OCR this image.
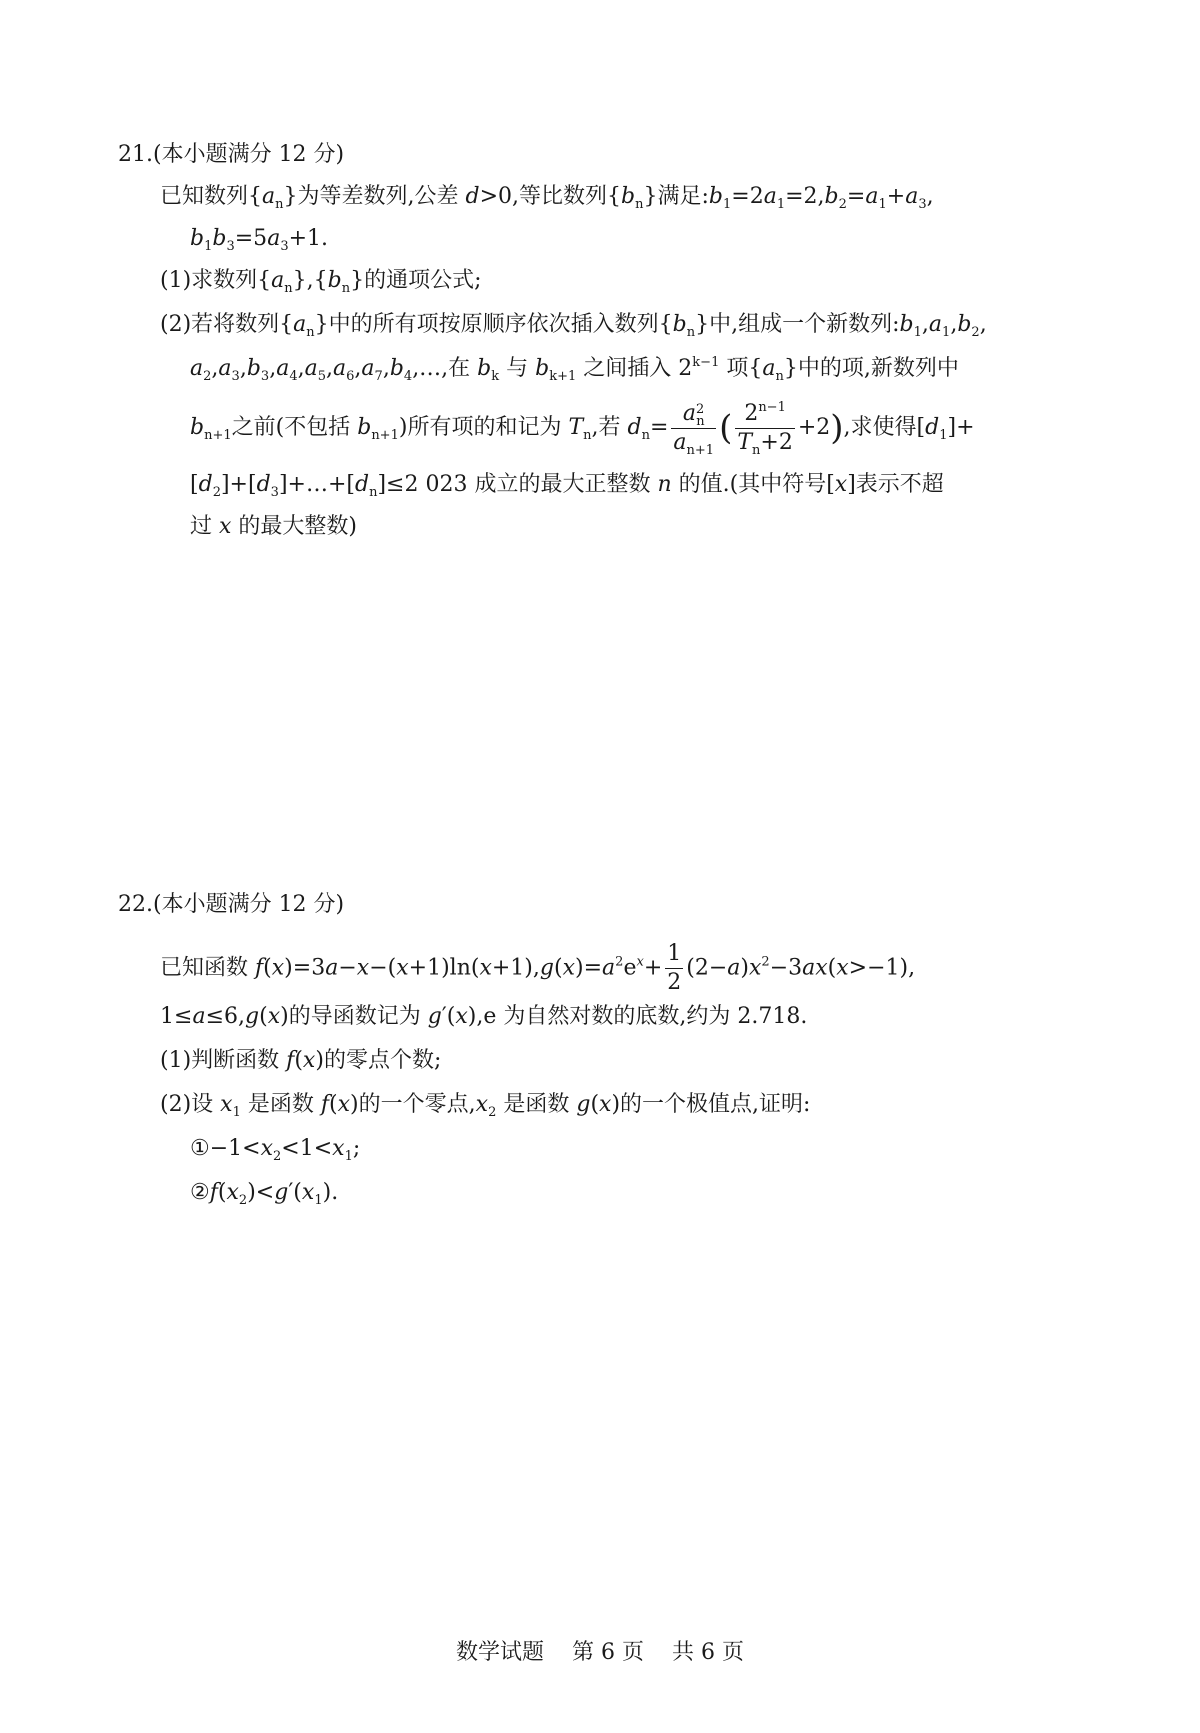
21.(本小题满分 12 分)
已知数列$\{a_n\}$为等差数列,公差 d>0,等比数列$\{b_n\}$满足$:b_1=2a_1=2,b_2=a_1+a_3$,
$b_1b_3=5a_3+1$.
(1)求数列$\{a_n\},\{b_n\}$的通项公式;
(2)若将数列$\{a_n\}$中的所有项按原顺序依次插入数列$\{b_n\}$中,组成一个新数列$:b_1,a_1,b_2$,
$a_2,a_3,b_3,a_4,a_5,a_6,a_7,b_4,\dots$,在 $b_k$ 与 $b_{k+1}$ 之间插入 $2^{k-1}$ 项$\{a_n\}$中的项,新数列中
$b_{n+1}$之前(不包括 $b_{n+1}$)所有项的和记为 $T_n$,若 $d_n= \frac{a^2_n}{a_{n+1}}$ ( $\frac{2^{n-1}}{T_n+2} +2$),求使得$[d_1]+$
$[d_2]+[d_3]+\dots+[d_n]\le 2$ 023 成立的最大正整数 n 的值.(其中符号[x]表示不超
过 x 的最大整数)
22.(本小题满分 12 分)
已知函数 $f(x)=3a-x-(x+1)\ln(x+1),g(x)=a^2e^x+ \frac{1}{2} (2-a)x^2-3ax(x>-1)$,
1≤a≤6,g(x)的导函数记为 g′(x),e 为自然对数的底数,约为 2.718.
(1)判断函数 f(x)的零点个数;
(2)设 $x_1$ 是函数 f(x)的一个零点$,x_2$ 是函数 g(x)的一个极值点,证明:
$①-1<x_2<1<x_1$;
$②f(x_2)<g'(x_1)$.
数学试题 第 6 页 共 6 页
